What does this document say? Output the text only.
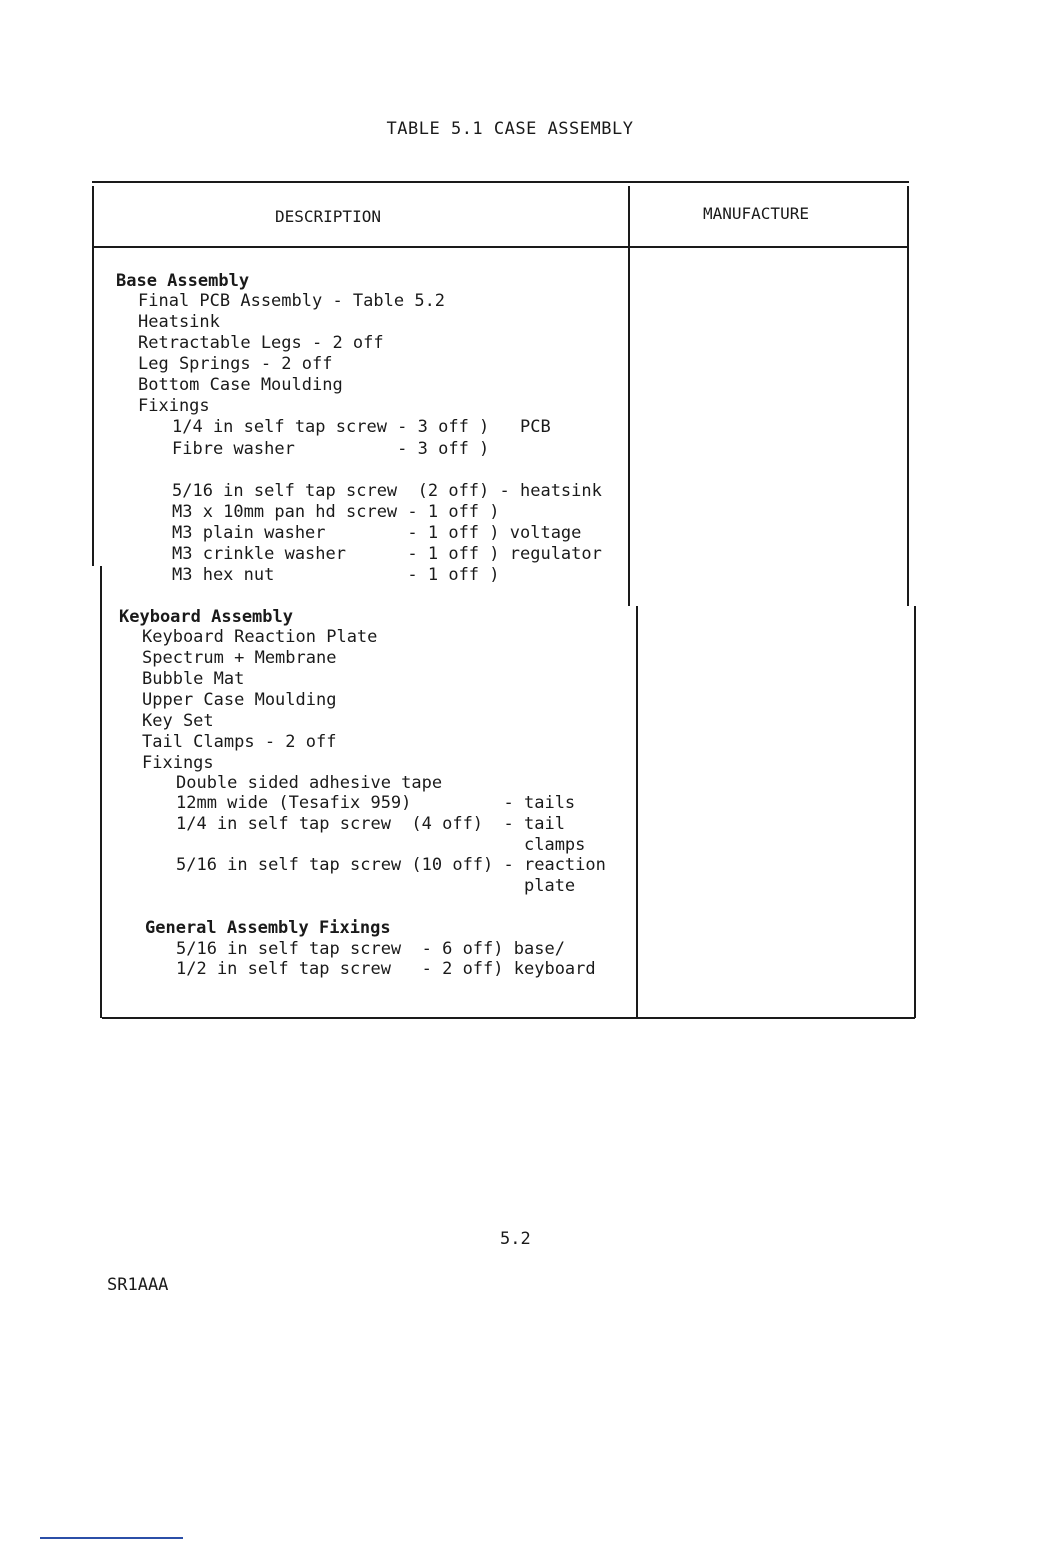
TABLE 5.1 CASE ASSEMBLY
DESCRIPTION	MANUFACTURE
Base Assembly
Final PCB Assembly - Table 5.2
Heatsink
Retractable Legs - 2 off
Leg Springs - 2 off
Bottom Case Moulding
Fixings
1/4 in self tap screw - 3 off )   PCB
Fibre washer          - 3 off )
5/16 in self tap screw  (2 off) - heatsink
M3 x 10mm pan hd screw - 1 off )
M3 plain washer        - 1 off ) voltage
M3 crinkle washer      - 1 off ) regulator
M3 hex nut             - 1 off )
Keyboard Assembly
Keyboard Reaction Plate
Spectrum + Membrane
Bubble Mat
Upper Case Moulding
Key Set
Tail Clamps - 2 off
Fixings
Double sided adhesive tape
12mm wide (Tesafix 959)         - tails
1/4 in self tap screw  (4 off)  - tail
clamps
5/16 in self tap screw (10 off) - reaction
plate
General Assembly Fixings
5/16 in self tap screw  - 6 off) base/
1/2 in self tap screw   - 2 off) keyboard
5.2
SR1AAA
